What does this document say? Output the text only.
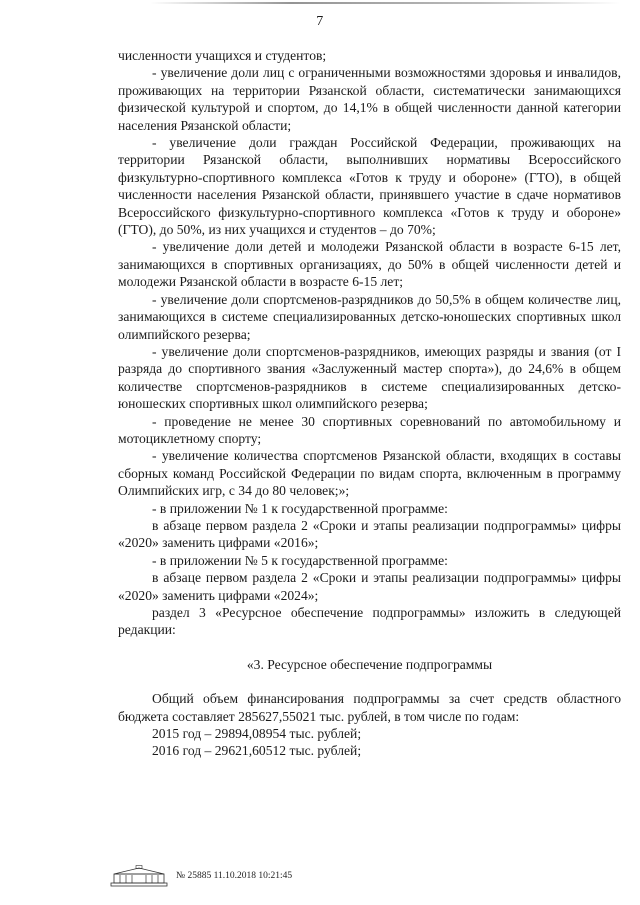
7

численности учащихся и студентов;

- увеличение доли лиц с ограниченными возможностями здоровья и инвалидов, проживающих на территории Рязанской области, систематически занимающихся физической культурой и спортом, до 14,1% в общей численности данной категории населения Рязанской области;

- увеличение доли граждан Российской Федерации, проживающих на территории Рязанской области, выполнивших нормативы Всероссийского физкультурно-спортивного комплекса «Готов к труду и обороне» (ГТО), в общей численности населения Рязанской области, принявшего участие в сдаче нормативов Всероссийского физкультурно-спортивного комплекса «Готов к труду и обороне» (ГТО), до 50%, из них учащихся и студентов – до 70%;

- увеличение доли детей и молодежи Рязанской области в возрасте 6-15 лет, занимающихся в спортивных организациях, до 50% в общей численности детей и молодежи Рязанской области в возрасте 6-15 лет;

- увеличение доли спортсменов-разрядников до 50,5% в общем количестве лиц, занимающихся в системе специализированных детско-юношеских спортивных школ олимпийского резерва;

- увеличение доли спортсменов-разрядников, имеющих разряды и звания (от I разряда до спортивного звания «Заслуженный мастер спорта»), до 24,6% в общем количестве спортсменов-разрядников в системе специализированных детско-юношеских спортивных школ олимпийского резерва;

- проведение не менее 30 спортивных соревнований по автомобильному и мотоциклетному спорту;

- увеличение количества спортсменов Рязанской области, входящих в составы сборных команд Российской Федерации по видам спорта, включенным в программу Олимпийских игр, с 34 до 80 человек;»;

- в приложении № 1 к государственной программе:

в абзаце первом раздела 2 «Сроки и этапы реализации подпрограммы» цифры «2020» заменить цифрами «2016»;

- в приложении № 5 к государственной программе:

в абзаце первом раздела 2 «Сроки и этапы реализации подпрограммы» цифры «2020» заменить цифрами «2024»;

раздел 3 «Ресурсное обеспечение подпрограммы» изложить в следующей редакции:

«3. Ресурсное обеспечение подпрограммы

Общий объем финансирования подпрограммы за счет средств областного бюджета составляет 285627,55021 тыс. рублей, в том числе по годам:

2015 год – 29894,08954 тыс. рублей;

2016 год – 29621,60512 тыс. рублей;

№ 25885 11.10.2018 10:21:45
